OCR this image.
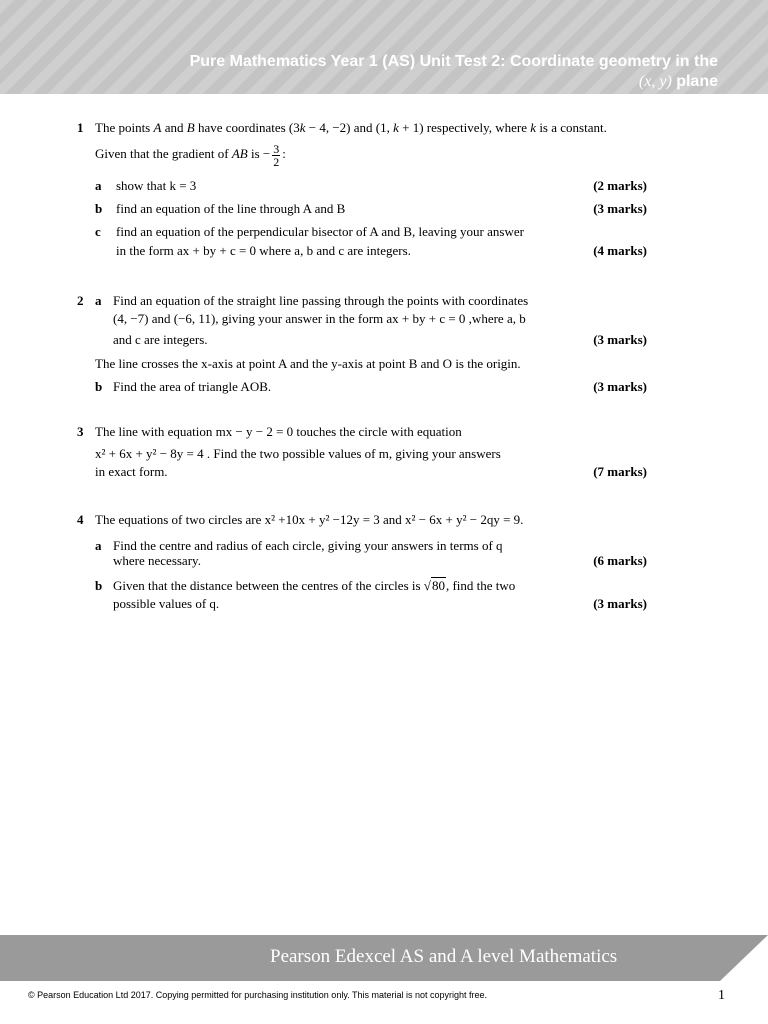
Pure Mathematics Year 1 (AS) Unit Test 2: Coordinate geometry in the
(x, y) plane
1 The points A and B have coordinates (3k − 4, −2) and (1, k + 1) respectively, where k is a constant.
Given that the gradient of AB is − $\frac{3}{2}$ :
a show that k = 3	(2 marks)
b find an equation of the line through A and B	(3 marks)
c find an equation of the perpendicular bisector of A and B, leaving your answer
in the form ax + by + c = 0 where a, b and c are integers.	(4 marks)
2 a Find an equation of the straight line passing through the points with coordinates
(4, −7) and (−6, 11), giving your answer in the form ax + by + c = 0 ,where a, b
and c are integers.	(3 marks)
The line crosses the x-axis at point A and the y-axis at point B and O is the origin.
b Find the area of triangle AOB.	(3 marks)
3 The line with equation mx − y − 2 = 0 touches the circle with equation
x² + 6x + y² − 8y = 4 . Find the two possible values of m, giving your answers
in exact form.	(7 marks)
4 The equations of two circles are x² +10x + y² −12y = 3 and x² − 6x + y² − 2qy = 9.
a Find the centre and radius of each circle, giving your answers in terms of q
where necessary.	(6 marks)
b Given that the distance between the centres of the circles is √80, find the two
possible values of q.	(3 marks)
Pearson Edexcel AS and A level Mathematics
© Pearson Education Ltd 2017. Copying permitted for purchasing institution only. This material is not copyright free.	1
